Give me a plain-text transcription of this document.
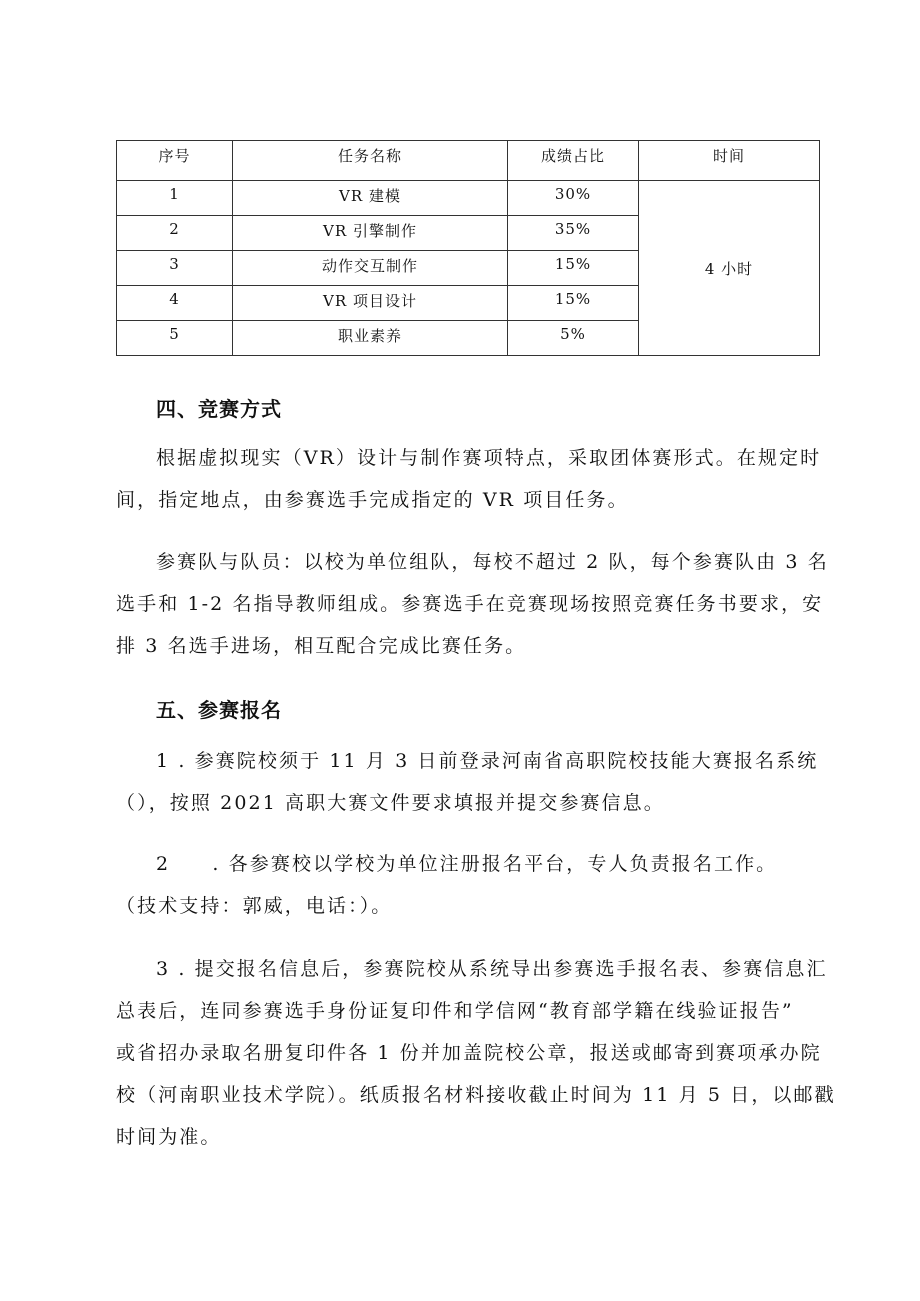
序号	任务名称	成绩占比	时间
1	VR 建模	30%	4 小时
2	VR 引擎制作	35%	
3	动作交互制作	15%	
4	VR 项目设计	15%	
5	职业素养	5%	
四、竞赛方式
根据虚拟现实（VR）设计与制作赛项特点，采取团体赛形式。在规定时
间，指定地点，由参赛选手完成指定的 VR 项目任务。
参赛队与队员：以校为单位组队，每校不超过 2 队，每个参赛队由 3 名
选手和 1-2 名指导教师组成。参赛选手在竞赛现场按照竞赛任务书要求，安
排 3 名选手进场，相互配合完成比赛任务。
五、参赛报名
1 . 参赛院校须于 11 月 3 日前登录河南省高职院校技能大赛报名系统
（），按照 2021 高职大赛文件要求填报并提交参赛信息。
2　　. 各参赛校以学校为单位注册报名平台，专人负责报名工作。
（技术支持：郭威，电话：）。
3 . 提交报名信息后，参赛院校从系统导出参赛选手报名表、参赛信息汇
总表后，连同参赛选手身份证复印件和学信网“教育部学籍在线验证报告”
或省招办录取名册复印件各 1 份并加盖院校公章，报送或邮寄到赛项承办院
校（河南职业技术学院）。纸质报名材料接收截止时间为 11 月 5 日，以邮戳
时间为准。
